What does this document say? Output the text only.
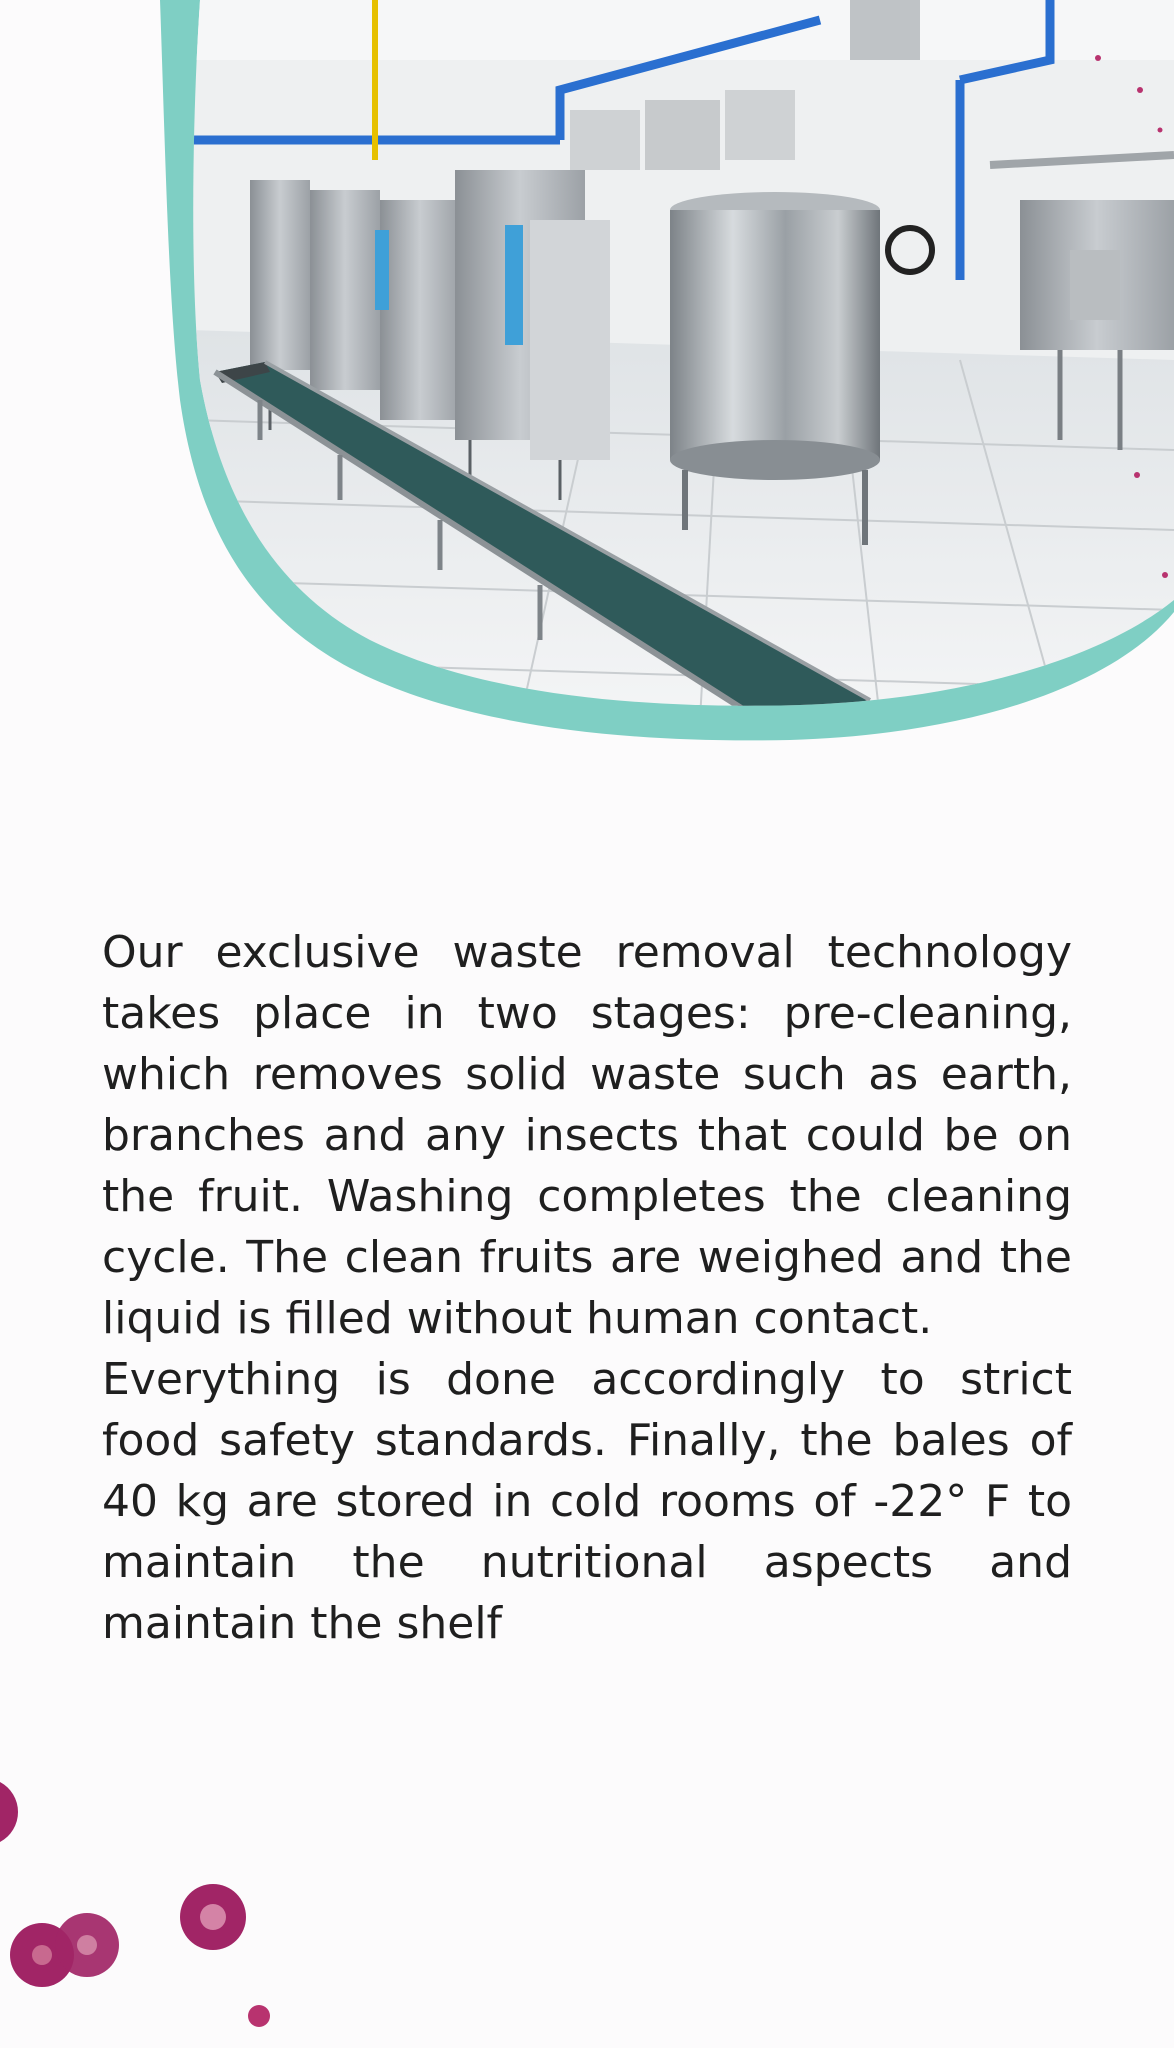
Our exclusive waste removal technology takes place in two stages: pre-cleaning, which removes solid waste such as earth, branches and any insects that could be on the fruit. Washing completes the cleaning cycle. The clean fruits are weighed and the liquid is filled without human contact.

Everything is done accordingly to strict food safety standards. Finally, the bales of 40 kg are stored in cold rooms of -22° F to maintain the nutritional aspects and maintain the shelf
